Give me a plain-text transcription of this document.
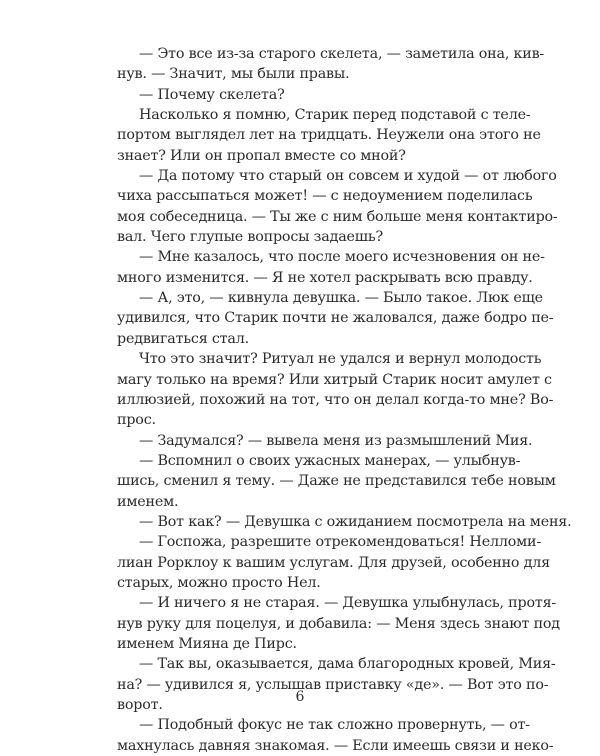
— Это все из-за старого скелета, — заметила она, кив-
нув. — Значит, мы были правы.
— Почему скелета?
Насколько я помню, Старик перед подставой с теле-
портом выглядел лет на тридцать. Неужели она этого не
знает? Или он пропал вместе со мной?
— Да потому что старый он совсем и худой — от любого
чиха рассыпаться может! — с недоумением поделилась
моя собеседница. — Ты же с ним больше меня контактиро-
вал. Чего глупые вопросы задаешь?
— Мне казалось, что после моего исчезновения он не-
много изменится. — Я не хотел раскрывать всю правду.
— А, это, — кивнула девушка. — Было такое. Люк еще
удивился, что Старик почти не жаловался, даже бодро пе-
редвигаться стал.
Что это значит? Ритуал не удался и вернул молодость
магу только на время? Или хитрый Старик носит амулет с
иллюзией, похожий на тот, что он делал когда-то мне? Во-
прос.
— Задумался? — вывела меня из размышлений Мия.
— Вспомнил о своих ужасных манерах, — улыбнув-
шись, сменил я тему. — Даже не представился тебе новым
именем.
— Вот как? — Девушка с ожиданием посмотрела на меня.
— Госпожа, разрешите отрекомендоваться! Нелломи-
лиан Рорклоу к вашим услугам. Для друзей, особенно для
старых, можно просто Нел.
— И ничего я не старая. — Девушка улыбнулась, протя-
нув руку для поцелуя, и добавила: — Меня здесь знают под
именем Мияна де Пирс.
— Так вы, оказывается, дама благородных кровей, Мия-
на? — удивился я, услышав приставку «де». — Вот это по-
ворот.
— Подобный фокус не так сложно провернуть, — от-
махнулась давняя знакомая. — Если имеешь связи и неко-
6
